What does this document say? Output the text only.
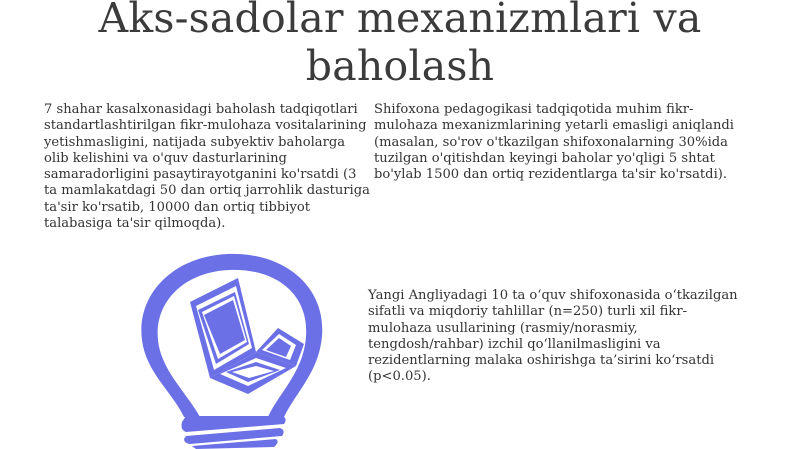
Aks-sadolar mexanizmlari va baholash
7 shahar kasalxonasidagi baholash tadqiqotlari standartlashtirilgan fikr-mulohaza vositalarining yetishmasligini, natijada subyektiv baholarga olib kelishini va o'quv dasturlarining samaradorligini pasaytirayotganini ko'rsatdi (3 ta mamlakatdagi 50 dan ortiq jarrohlik dasturiga ta'sir ko'rsatib, 10000 dan ortiq tibbiyot talabasiga ta'sir qilmoqda).
Shifoxona pedagogikasi tadqiqotida muhim fikr-mulohaza mexanizmlarining yetarli emasligi aniqlandi (masalan, so'rov o'tkazilgan shifoxonalarning 30%ida tuzilgan o'qitishdan keyingi baholar yo'qligi 5 shtat bo'ylab 1500 dan ortiq rezidentlarga ta'sir ko'rsatdi).
Yangi Angliyadagi 10 ta o‘quv shifoxonasida o‘tkazilgan sifatli va miqdoriy tahlillar (n=250) turli xil fikr-mulohaza usullarining (rasmiy/norasmiy, tengdosh/rahbar) izchil qo‘llanilmasligini va rezidentlarning malaka oshirishga ta’sirini ko‘rsatdi (p<0.05).
